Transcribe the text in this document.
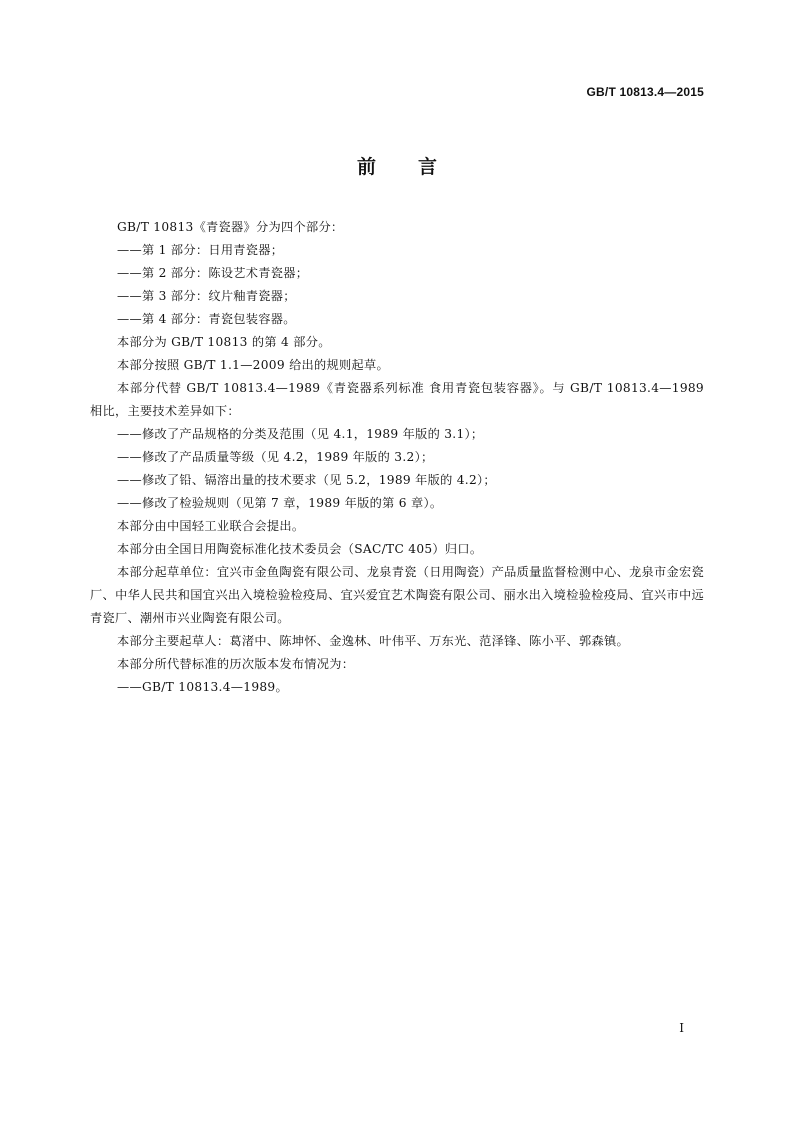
GB/T 10813.4—2015
前言

GB/T 10813《青瓷器》分为四个部分：

——第 1 部分：日用青瓷器；

——第 2 部分：陈设艺术青瓷器；

——第 3 部分：纹片釉青瓷器；

——第 4 部分：青瓷包装容器。

本部分为 GB/T 10813 的第 4 部分。

本部分按照 GB/T 1.1—2009 给出的规则起草。

本部分代替 GB/T 10813.4—1989《青瓷器系列标准 食用青瓷包装容器》。与 GB/T 10813.4—1989 相比，主要技术差异如下：

——修改了产品规格的分类及范围（见 4.1，1989 年版的 3.1）；

——修改了产品质量等级（见 4.2，1989 年版的 3.2）；

——修改了铅、镉溶出量的技术要求（见 5.2，1989 年版的 4.2）；

——修改了检验规则（见第 7 章，1989 年版的第 6 章）。

本部分由中国轻工业联合会提出。

本部分由全国日用陶瓷标准化技术委员会（SAC/TC 405）归口。

本部分起草单位：宜兴市金鱼陶瓷有限公司、龙泉青瓷（日用陶瓷）产品质量监督检测中心、龙泉市金宏瓷厂、中华人民共和国宜兴出入境检验检疫局、宜兴爱宜艺术陶瓷有限公司、丽水出入境检验检疫局、宜兴市中远青瓷厂、潮州市兴业陶瓷有限公司。

本部分主要起草人：葛渚中、陈坤怀、金逸林、叶伟平、万东光、范泽锋、陈小平、郭森镇。

本部分所代替标准的历次版本发布情况为：

——GB/T 10813.4—1989。

I
